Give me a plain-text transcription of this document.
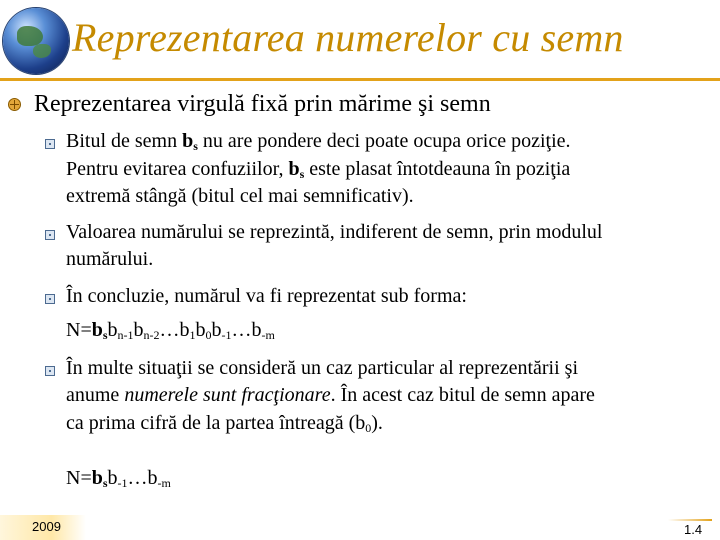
Reprezentarea numerelor cu semn
Reprezentarea virgulă fixă prin mărime şi semn
Bitul de semn $b_s$ nu are pondere deci poate ocupa orice poziţie.
Pentru evitarea confuziilor, $b_s$ este plasat întotdeauna în poziţia
extremă stângă (bitul cel mai semnificativ).
Valoarea numărului se reprezintă, indiferent de semn, prin modulul
numărului.
În concluzie, numărul va fi reprezentat sub forma:
$N=b_sb_{n-1}b_{n-2}\dots b_1b_0b_{-1}\dots b_{-m}$
În multe situaţii se consideră un caz particular al reprezentării şi
anume numerele sunt fracţionare. În acest caz bitul de semn apare
ca prima cifră de la partea întreagă $(b_0)$.
$N=b_sb_{-1}\dots b_{-m}$
2009	1.4
